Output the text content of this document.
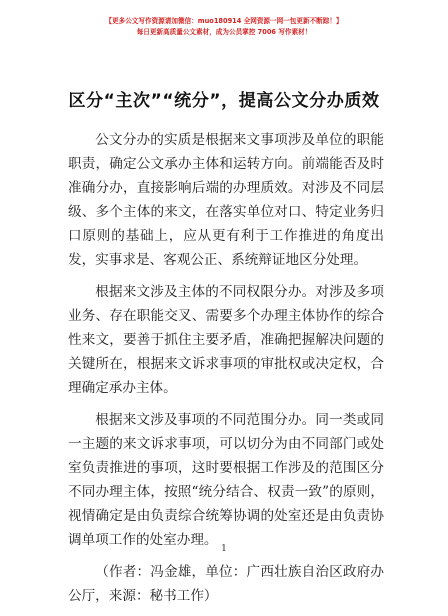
【更多公文写作资源请加微信：muo180914 全网资源一网一包更新不断踪！】
每日更新高质量公文素材，成为公员掌控 7006 写作素材！
区分“主次”“统分”，提高公文分办质效

公文分办的实质是根据来文事项涉及单位的职能职责，确定公文承办主体和运转方向。前端能否及时准确分办，直接影响后端的办理质效。对涉及不同层级、多个主体的来文，在落实单位对口、特定业务归口原则的基础上，应从更有利于工作推进的角度出发，实事求是、客观公正、系统辩证地区分处理。

根据来文涉及主体的不同权限分办。对涉及多项业务、存在职能交叉、需要多个办理主体协作的综合性来文，要善于抓住主要矛盾，准确把握解决问题的关键所在，根据来文诉求事项的审批权或决定权，合理确定承办主体。

根据来文涉及事项的不同范围分办。同一类或同一主题的来文诉求事项，可以切分为由不同部门或处室负责推进的事项，这时要根据工作涉及的范围区分不同办理主体，按照“统分结合、权责一致”的原则，视情确定是由负责综合统筹协调的处室还是由负责协调单项工作的处室办理。

（作者：冯金雄，单位：广西壮族自治区政府办公厅，来源：秘书工作）

1
